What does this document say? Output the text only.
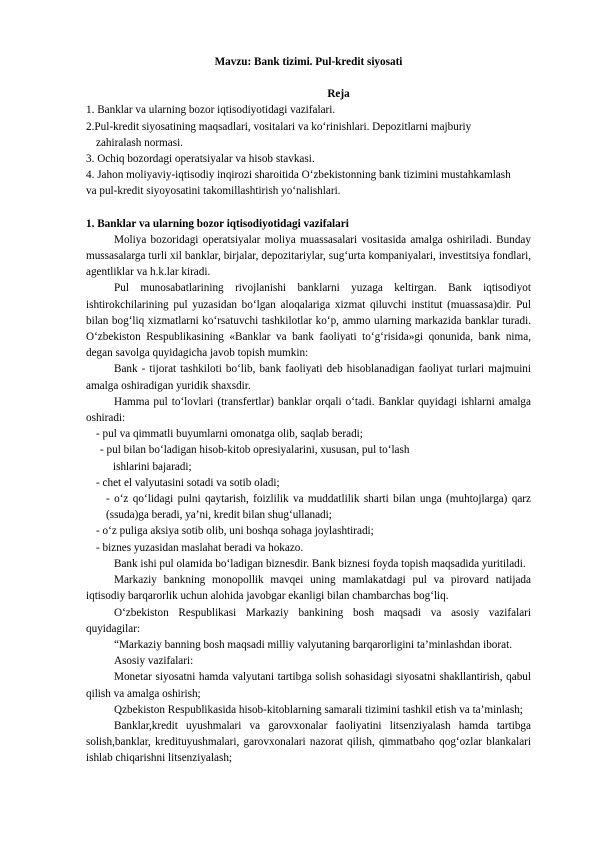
Mavzu: Bank tizimi. Pul-kredit siyosati
Reja
1. Banklar va ularning bozor iqtisodiyotidagi vazifalari.
2.Pul-kredit siyosatining maqsadlari, vositalari va ko‘rinishlari. Depozitlarni majburiy
zahiralash normasi.
3. Ochiq bozordagi operatsiyalar va hisob stavkasi.
4. Jahon moliyaviy-iqtisodiy inqirozi sharoitida O‘zbekistonning bank tizimini mustahkamlash
va pul-kredit siyoyosatini takomillashtirish yo‘nalishlari.
1. Banklar va ularning bozor iqtisodiyotidagi vazifalari
Moliya bozoridagi operatsiyalar moliya muassasalari vositasida amalga oshiriladi. Bunday mussasalarga turli xil banklar, birjalar, depozitariylar, sug‘urta kompaniyalari, investitsiya fondlari, agentliklar va h.k.lar kiradi.
Pul munosabatlarining rivojlanishi banklarni yuzaga keltirgan. Bank iqtisodiyot ishtirokchilarining pul yuzasidan bo‘lgan aloqalariga xizmat qiluvchi institut (muassasa)dir. Pul bilan bog‘liq xizmatlarni ko‘rsatuvchi tashkilotlar ko‘p, ammo ularning markazida banklar turadi. O‘zbekiston Respublikasining «Banklar va bank faoliyati to‘g‘risida»gi qonunida, bank nima, degan savolga quyidagicha javob topish mumkin:
Bank - tijorat tashkiloti bo‘lib, bank faoliyati deb hisoblanadigan faoliyat turlari majmuini amalga oshiradigan yuridik shaxsdir.
Hamma pul to‘lovlari (transfertlar) banklar orqali o‘tadi. Banklar quyidagi ishlarni amalga oshiradi:
- pul va qimmatli buyumlarni omonatga olib, saqlab beradi;
- pul bilan bo‘ladigan hisob-kitob opresiyalarini, xususan, pul to‘lash
ishlarini bajaradi;
- chet el valyutasini sotadi va sotib oladi;
- o‘z qo‘lidagi pulni qaytarish, foizlilik va muddatlilik sharti bilan unga (muhtojlarga) qarz (ssuda)ga beradi, ya’ni, kredit bilan shug‘ullanadi;
- o‘z puliga aksiya sotib olib, uni boshqa sohaga joylashtiradi;
- biznes yuzasidan maslahat beradi va hokazo.
Bank ishi pul olamida bo‘ladigan biznesdir. Bank biznesi foyda topish maqsadida yuritiladi.
Markaziy bankning monopollik mavqei uning mamlakatdagi pul va pirovard natijada iqtisodiy barqarorlik uchun alohida javobgar ekanligi bilan chambarchas bog‘liq.
O‘zbekiston Respublikasi Markaziy bankining bosh maqsadi va asosiy vazifalari quyidagilar:
“Markaziy banning bosh maqsadi milliy valyutaning barqarorligini ta’minlashdan iborat.
Asosiy vazifalari:
Monetar siyosatni hamda valyutani tartibga solish sohasidagi siyosatni shakllantirish, qabul qilish va amalga oshirish;
Qzbekiston Respublikasida hisob-kitoblarning samarali tizimini tashkil etish va ta’minlash;
Banklar,kredit uyushmalari va garovxonalar faoliyatini litsenziyalash hamda tartibga solish,banklar, kredituyushmalari, garovxonalari nazorat qilish, qimmatbaho qog‘ozlar blankalari ishlab chiqarishni litsenziyalash;
